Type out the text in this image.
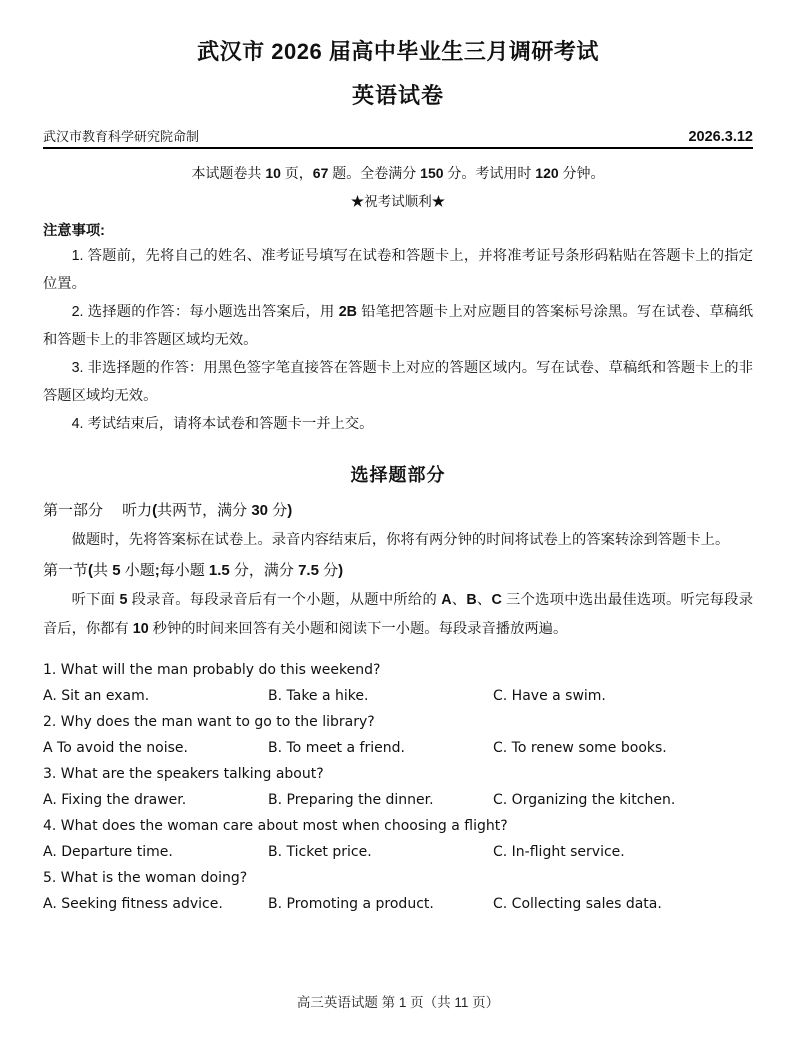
武汉市 2026 届高中毕业生三月调研考试
英语试卷
武汉市教育科学研究院命制	2026.3.12

本试题卷共 10 页，67 题。全卷满分 150 分。考试用时 120 分钟。

★祝考试顺利★

注意事项:

1. 答题前，先将自己的姓名、准考证号填写在试卷和答题卡上，并将准考证号条形码粘贴在答题卡上的指定位置。

2. 选择题的作答：每小题选出答案后，用 2B 铅笔把答题卡上对应题目的答案标号涂黑。写在试卷、草稿纸和答题卡上的非答题区域均无效。

3. 非选择题的作答：用黑色签字笔直接答在答题卡上对应的答题区域内。写在试卷、草稿纸和答题卡上的非答题区域均无效。

4. 考试结束后，请将本试卷和答题卡一并上交。

选择题部分

第一部分　 听力(共两节，满分 30 分)

做题时，先将答案标在试卷上。录音内容结束后，你将有两分钟的时间将试卷上的答案转涂到答题卡上。

第一节(共 5 小题;每小题 1.5 分，满分 7.5 分)

听下面 5 段录音。每段录音后有一个小题，从题中所给的 A、B、C 三个选项中选出最佳选项。听完每段录音后，你都有 10 秒钟的时间来回答有关小题和阅读下一小题。每段录音播放两遍。

1. What will the man probably do this weekend?
A. Sit an exam.	B. Take a hike.	C. Have a swim.
2. Why does the man want to go to the library?
A To avoid the noise.	B. To meet a friend.	C. To renew some books.
3. What are the speakers talking about?
A. Fixing the drawer.	B. Preparing the dinner.	C. Organizing the kitchen.
4. What does the woman care about most when choosing a flight?
A. Departure time.	B. Ticket price.	C. In-flight service.
5. What is the woman doing?
A. Seeking fitness advice.	B. Promoting a product.	C. Collecting sales data.
高三英语试题 第 1 页（共 11 页）
